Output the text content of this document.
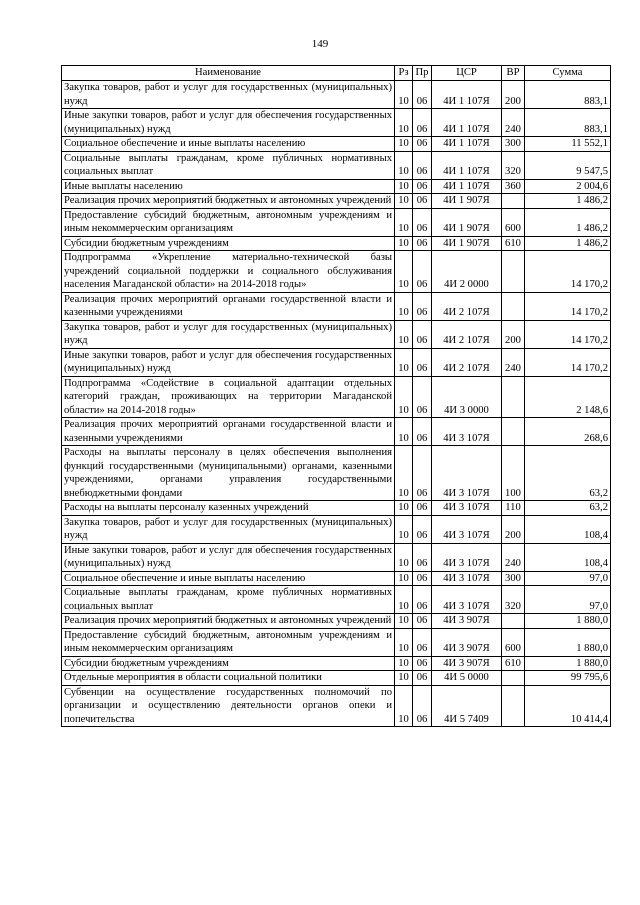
149
Наименование	Рз	Пр	ЦСР	ВР	Сумма
Закупка товаров, работ и услуг для государственных (муниципальных) нужд	10	06	4И 1 107Я	200	883,1
Иные закупки товаров, работ и услуг для обеспечения государственных (муниципальных) нужд	10	06	4И 1 107Я	240	883,1
Социальное обеспечение и иные выплаты населению	10	06	4И 1 107Я	300	11 552,1
Социальные выплаты гражданам, кроме публичных нормативных социальных выплат	10	06	4И 1 107Я	320	9 547,5
Иные выплаты населению	10	06	4И 1 107Я	360	2 004,6
Реализация прочих мероприятий бюджетных и автономных учреждений	10	06	4И 1 907Я		1 486,2
Предоставление субсидий бюджетным, автономным учреждениям и иным некоммерческим организациям	10	06	4И 1 907Я	600	1 486,2
Субсидии бюджетным учреждениям	10	06	4И 1 907Я	610	1 486,2
Подпрограмма «Укрепление материально-технической базы учреждений социальной поддержки и социального обслуживания населения Магаданской области» на 2014-2018 годы»	10	06	4И 2 0000		14 170,2
Реализация прочих мероприятий органами государственной власти и казенными учреждениями	10	06	4И 2 107Я		14 170,2
Закупка товаров, работ и услуг для государственных (муниципальных) нужд	10	06	4И 2 107Я	200	14 170,2
Иные закупки товаров, работ и услуг для обеспечения государственных (муниципальных) нужд	10	06	4И 2 107Я	240	14 170,2
Подпрограмма «Содействие в социальной адаптации отдельных категорий граждан, проживающих на территории Магаданской области» на 2014-2018 годы»	10	06	4И 3 0000		2 148,6
Реализация прочих мероприятий органами государственной власти и казенными учреждениями	10	06	4И 3 107Я		268,6
Расходы на выплаты персоналу в целях обеспечения выполнения функций государственными (муниципальными) органами, казенными учреждениями, органами управления государственными внебюджетными фондами	10	06	4И 3 107Я	100	63,2
Расходы на выплаты персоналу казенных учреждений	10	06	4И 3 107Я	110	63,2
Закупка товаров, работ и услуг для государственных (муниципальных) нужд	10	06	4И 3 107Я	200	108,4
Иные закупки товаров, работ и услуг для обеспечения государственных (муниципальных) нужд	10	06	4И 3 107Я	240	108,4
Социальное обеспечение и иные выплаты населению	10	06	4И 3 107Я	300	97,0
Социальные выплаты гражданам, кроме публичных нормативных социальных выплат	10	06	4И 3 107Я	320	97,0
Реализация прочих мероприятий бюджетных и автономных учреждений	10	06	4И 3 907Я		1 880,0
Предоставление субсидий бюджетным, автономным учреждениям и иным некоммерческим организациям	10	06	4И 3 907Я	600	1 880,0
Субсидии бюджетным учреждениям	10	06	4И 3 907Я	610	1 880,0
Отдельные мероприятия в области социальной политики	10	06	4И 5 0000		99 795,6
Субвенции на осуществление государственных полномочий по организации и осуществлению деятельности органов опеки и попечительства	10	06	4И 5 7409		10 414,4
